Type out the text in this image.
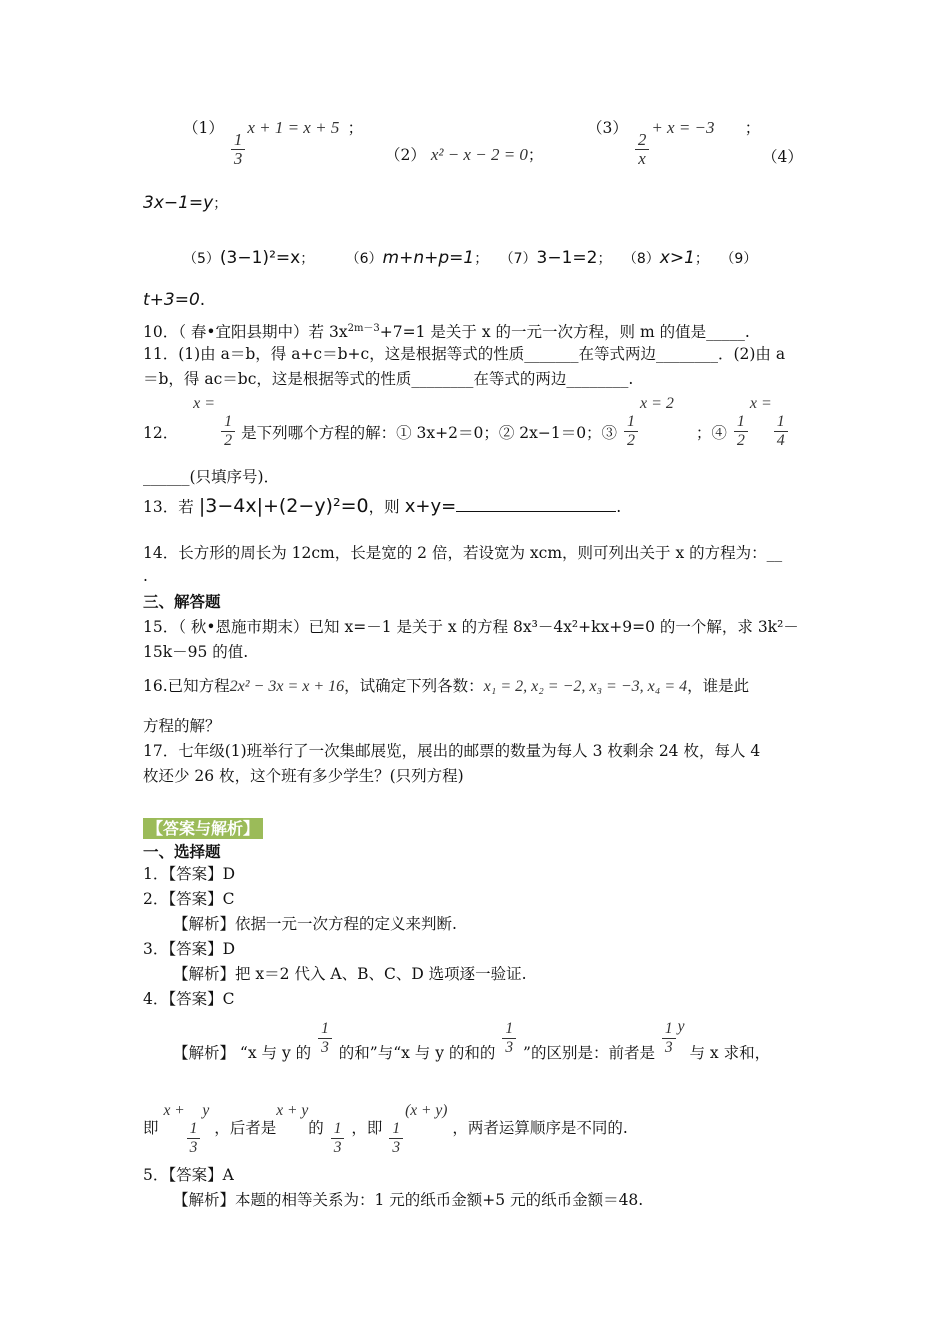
（1）
$\frac{1}{3}$
x + 1 = x + 5 ；
（2） x² − x − 2 = 0；
（3）
$\frac{2}{x}$
+ x = −3 ；
（4）
3x−1=y；
（5）(3−1)²=x； （6）m+n+p=1； （7）3−1=2； （8）x>1； （9）
t+3=0.
10．（ 春•宜阳县期中）若 $3x^{2m-3}+7=1$ 是关于 x 的一元一次方程，则 m 的值是_____.
11．(1)由 a＝b，得 a+c＝b+c，这是根据等式的性质_______在等式两边________．(2)由 a
＝b，得 ac＝bc，这是根据等式的性质________在等式的两边________.
12． x =
$\frac{1}{2}$ 是下列哪个方程的解：① 3x+2＝0；② 2x−1＝0；③ $\frac{1}{2}$
x = 2 ；④ $\frac{1}{2}$
x =
$\frac{1}{4}$
______(只填序号)．
13．若 |3−4x|+(2−y)²=0，则 x+y=	.
14．长方形的周长为 12cm，长是宽的 2 倍，若设宽为 xcm，则可列出关于 x 的方程为：__
.
三、解答题
15．（ 秋•恩施市期末）已知 x=－1 是关于 x 的方程 8x³－4x²+kx+9=0 的一个解，求 3k²－
15k－95 的值.
16.已知方程2x² − 3x = x + 16，试确定下列各数：x₁ = 2, x₂ = −2, x₃ = −3, x₄ = 4，谁是此
方程的解？
17．七年级(1)班举行了一次集邮展览，展出的邮票的数量为每人 3 枚剩余 24 枚，每人 4
枚还少 26 枚，这个班有多少学生？(只列方程)
【答案与解析】
一、选择题
1．【答案】D
2．【答案】C
【解析】依据一元一次方程的定义来判断.
3．【答案】D
【解析】把 x＝2 代入 A、B、C、D 选项逐一验证.
4．【答案】C
【解析】 “x 与 y 的 $\frac{1}{3}$ 的和”与“x 与 y 的和的 $\frac{1}{3}$ ”的区别是：前者是 $\frac{1}{3}$ y 与 x 求和，
即 x +
$\frac{1}{3}$
y ，后者是x + y的 $\frac{1}{3}$ ，即 $\frac{1}{3}$
(x + y) ，两者运算顺序是不同的.
5．【答案】A
【解析】本题的相等关系为：1 元的纸币金额+5 元的纸币金额＝48.
